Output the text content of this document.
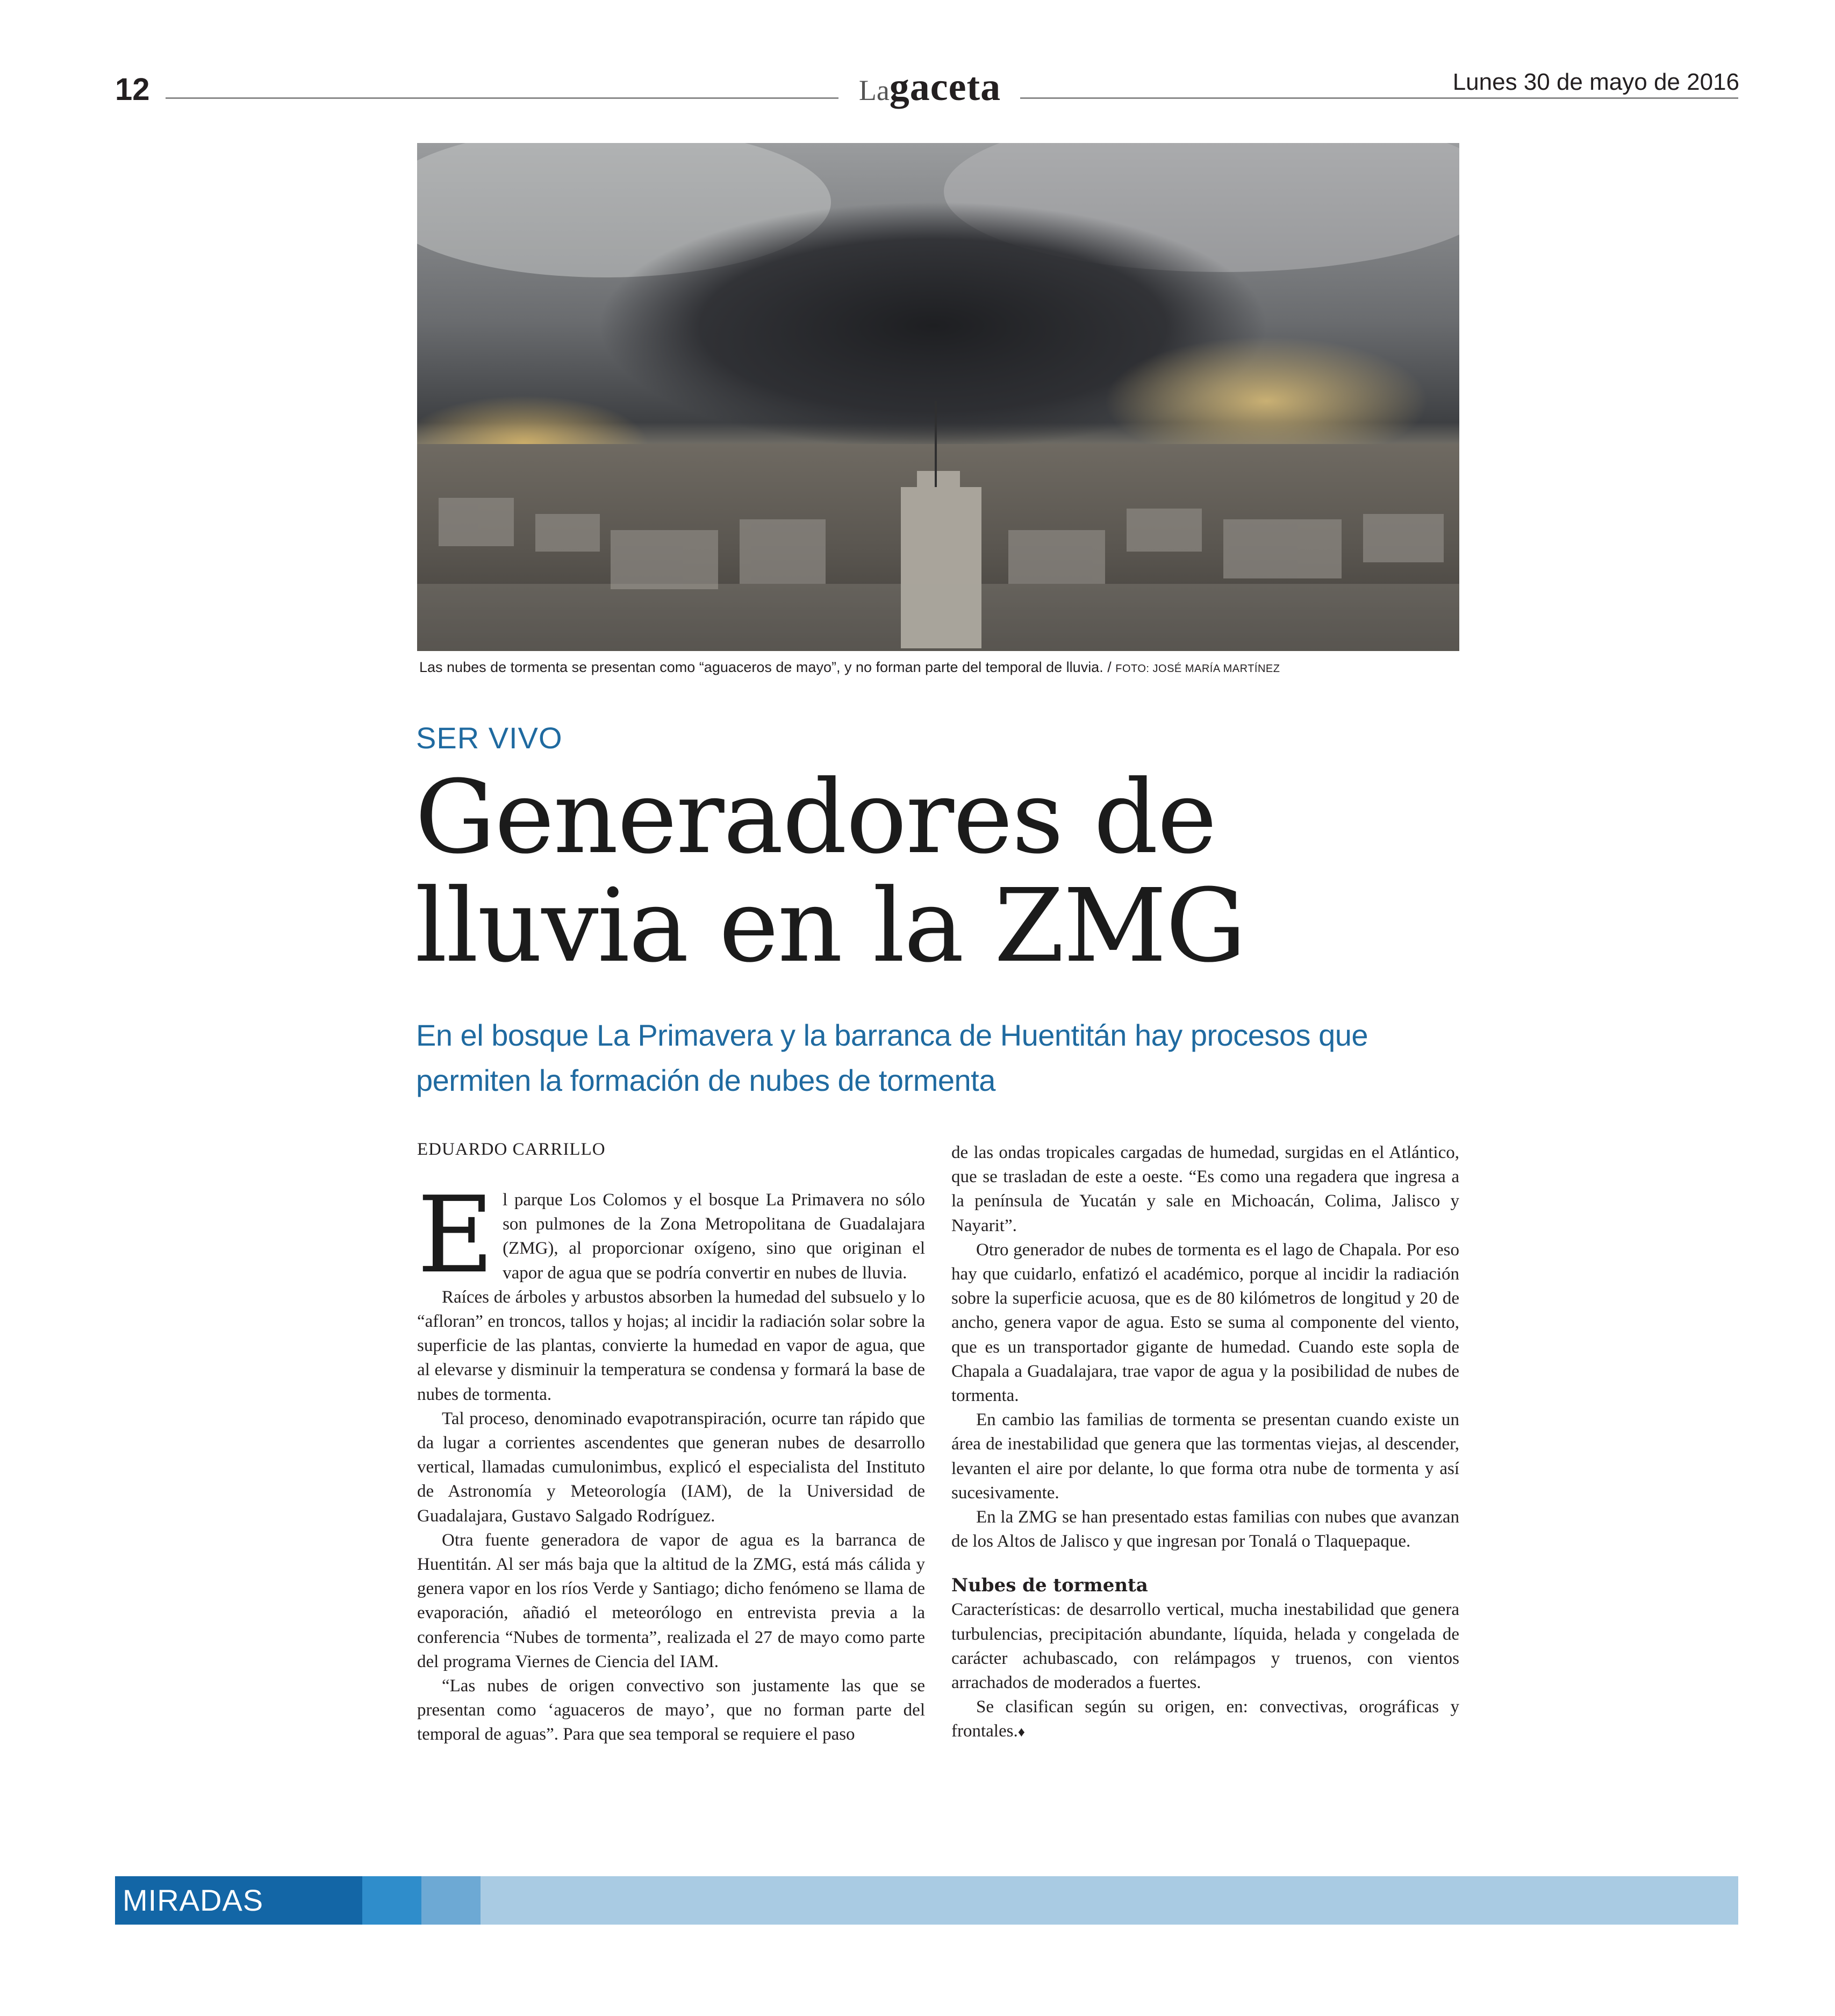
12	Lagaceta	Lunes 30 de mayo de 2016
Las nubes de tormenta se presentan como “aguaceros de mayo”, y no forman parte del temporal de lluvia. / FOTO: JOSÉ MARÍA MARTÍNEZ
SER VIVO
Generadores de
lluvia en la ZMG
En el bosque La Primavera y la barranca de Huentitán hay procesos que permiten la formación de nubes de tormenta
EDUARDO CARRILLO

El parque Los Colomos y el bosque La Primavera no sólo son pulmones de la Zona Metropolitana de Guadalajara (ZMG), al proporcionar oxígeno, sino que originan el vapor de agua que se podría convertir en nubes de lluvia.

Raíces de árboles y arbustos absorben la humedad del subsuelo y lo “afloran” en troncos, tallos y hojas; al incidir la radiación solar sobre la superficie de las plantas, convierte la humedad en vapor de agua, que al elevarse y disminuir la temperatura se condensa y formará la base de nubes de tormenta.

Tal proceso, denominado evapotranspiración, ocurre tan rápido que da lugar a corrientes ascendentes que generan nubes de desarrollo vertical, llamadas cumulonimbus, explicó el especialista del Instituto de Astronomía y Meteorología (IAM), de la Universidad de Guadalajara, Gustavo Salgado Rodríguez.

Otra fuente generadora de vapor de agua es la barranca de Huentitán. Al ser más baja que la altitud de la ZMG, está más cálida y genera vapor en los ríos Verde y Santiago; dicho fenómeno se llama de evaporación, añadió el meteorólogo en entrevista previa a la conferencia “Nubes de tormenta”, realizada el 27 de mayo como parte del programa Viernes de Ciencia del IAM.

“Las nubes de origen convectivo son justamente las que se presentan como ‘aguaceros de mayo’, que no forman parte del temporal de aguas”. Para que sea temporal se requiere el paso

de las ondas tropicales cargadas de humedad, surgidas en el Atlántico, que se trasladan de este a oeste. “Es como una regadera que ingresa a la península de Yucatán y sale en Michoacán, Colima, Jalisco y Nayarit”.

Otro generador de nubes de tormenta es el lago de Chapala. Por eso hay que cuidarlo, enfatizó el académico, porque al incidir la radiación sobre la superficie acuosa, que es de 80 kilómetros de longitud y 20 de ancho, genera vapor de agua. Esto se suma al componente del viento, que es un transportador gigante de humedad. Cuando este sopla de Chapala a Guadalajara, trae vapor de agua y la posibilidad de nubes de tormenta.

En cambio las familias de tormenta se presentan cuando existe un área de inestabilidad que genera que las tormentas viejas, al descender, levanten el aire por delante, lo que forma otra nube de tormenta y así sucesivamente.

En la ZMG se han presentado estas familias con nubes que avanzan de los Altos de Jalisco y que ingresan por Tonalá o Tlaquepaque.

Nubes de tormenta

Características: de desarrollo vertical, mucha inestabilidad que genera turbulencias, precipitación abundante, líquida, helada y congelada de carácter achubascado, con relámpagos y truenos, con vientos arrachados de moderados a fuertes.

Se clasifican según su origen, en: convectivas, orográficas y frontales.♦

MIRADAS
